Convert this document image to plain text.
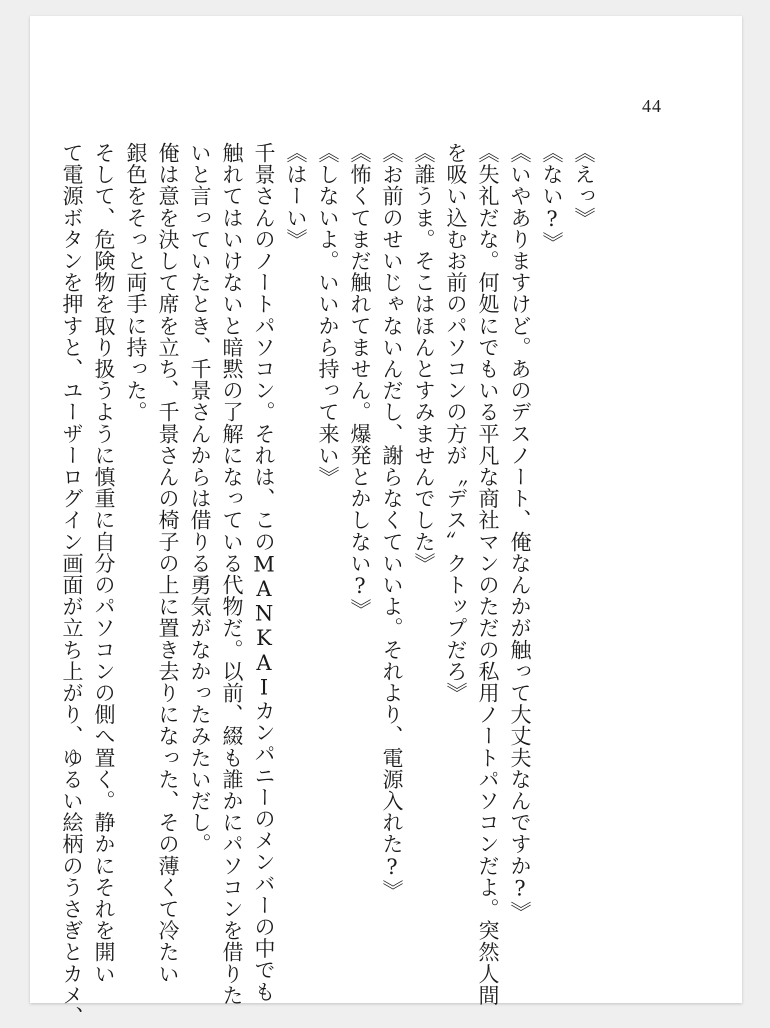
44
《えっ》
《ない?》
《いやありますけど。あのデスノート、俺なんかが触って大丈夫なんですか?》
《失礼だな。何処にでもいる平凡な商社マンのただの私用ノートパソコンだよ。突然人間
を吸い込むお前のパソコンの方が〝デス〟クトップだろ》
《誰うま。そこはほんとすみませんでした》
《お前のせいじゃないんだし、謝らなくていいよ。それより、電源入れた?》
《怖くてまだ触れてません。爆発とかしない?》
《しないよ。いいから持って来い》
《はーい》
千景さんのノートパソコン。それは、このMANKAIカンパニーのメンバーの中でも
触れてはいけないと暗黙の了解になっている代物だ。以前、綴も誰かにパソコンを借りた
いと言っていたとき、千景さんからは借りる勇気がなかったみたいだし。
俺は意を決して席を立ち、千景さんの椅子の上に置き去りになった、その薄くて冷たい
銀色をそっと両手に持った。
そして、危険物を取り扱うように慎重に自分のパソコンの側へ置く。静かにそれを開い
て電源ボタンを押すと、ユーザーログイン画面が立ち上がり、ゆるい絵柄のうさぎとカメ、
